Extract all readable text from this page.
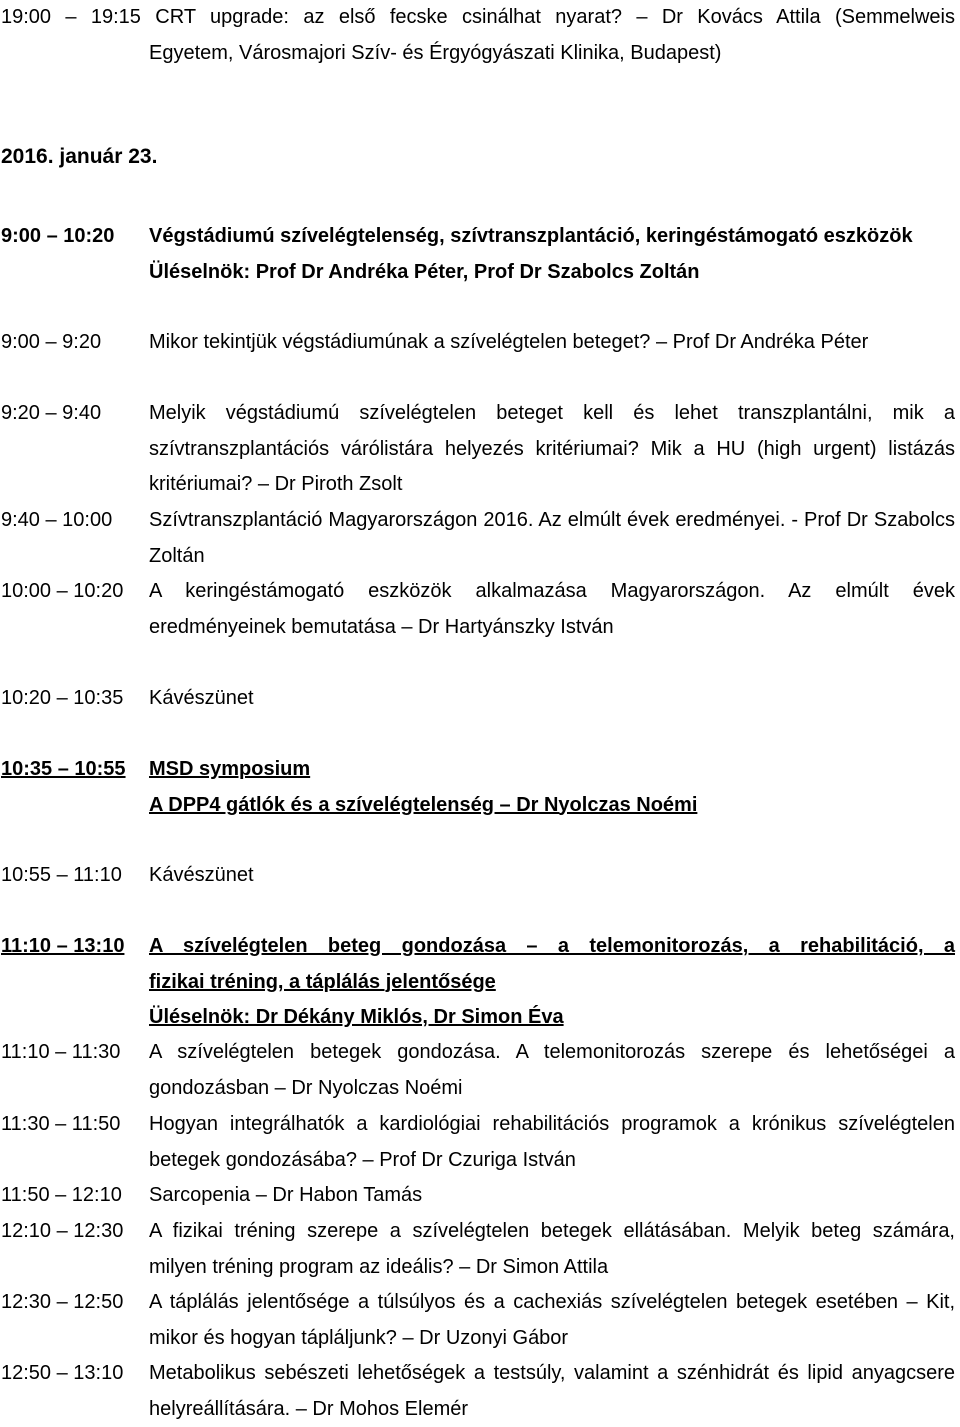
19:00 – 19:15 CRT upgrade: az első fecske csinálhat nyarat? – Dr Kovács Attila (Semmelweis
Egyetem, Városmajori Szív- és Érgyógyászati Klinika, Budapest)
2016. január 23.
9:00 – 10:20 Végstádiumú szívelégtelenség, szívtranszplantáció, keringéstámogató eszközök
Üléselnök: Prof Dr Andréka Péter, Prof Dr Szabolcs Zoltán
9:00 – 9:20 Mikor tekintjük végstádiumúnak a szívelégtelen beteget? – Prof Dr Andréka Péter
9:20 – 9:40 Melyik végstádiumú szívelégtelen beteget kell és lehet transzplantálni, mik a szívtranszplantációs várólistára helyezés kritériumai? Mik a HU (high urgent) listázás kritériumai? – Dr Piroth Zsolt
9:40 – 10:00 Szívtranszplantáció Magyarországon 2016. Az elmúlt évek eredményei. - Prof Dr Szabolcs Zoltán
10:00 – 10:20 A keringéstámogató eszközök alkalmazása Magyarországon. Az elmúlt évek eredményeinek bemutatása – Dr Hartyánszky István
10:20 – 10:35 Kávészünet
10:35 – 10:55 MSD symposium
A DPP4 gátlók és a szívelégtelenség – Dr Nyolczas Noémi
10:55 – 11:10 Kávészünet
11:10 – 13:10 A szívelégtelen beteg gondozása – a telemonitorozás, a rehabilitáció, a
fizikai tréning, a táplálás jelentősége
Üléselnök: Dr Dékány Miklós, Dr Simon Éva
11:10 – 11:30 A szívelégtelen betegek gondozása. A telemonitorozás szerepe és lehetőségei a gondozásban – Dr Nyolczas Noémi
11:30 – 11:50 Hogyan integrálhatók a kardiológiai rehabilitációs programok a krónikus szívelégtelen betegek gondozásába? – Prof Dr Czuriga István
11:50 – 12:10 Sarcopenia – Dr Habon Tamás
12:10 – 12:30 A fizikai tréning szerepe a szívelégtelen betegek ellátásában. Melyik beteg számára, milyen tréning program az ideális? – Dr Simon Attila
12:30 – 12:50 A táplálás jelentősége a túlsúlyos és a cachexiás szívelégtelen betegek esetében – Kit, mikor és hogyan tápláljunk? – Dr Uzonyi Gábor
12:50 – 13:10 Metabolikus sebészeti lehetőségek a testsúly, valamint a szénhidrát és lipid anyagcsere helyreállítására. – Dr Mohos Elemér
